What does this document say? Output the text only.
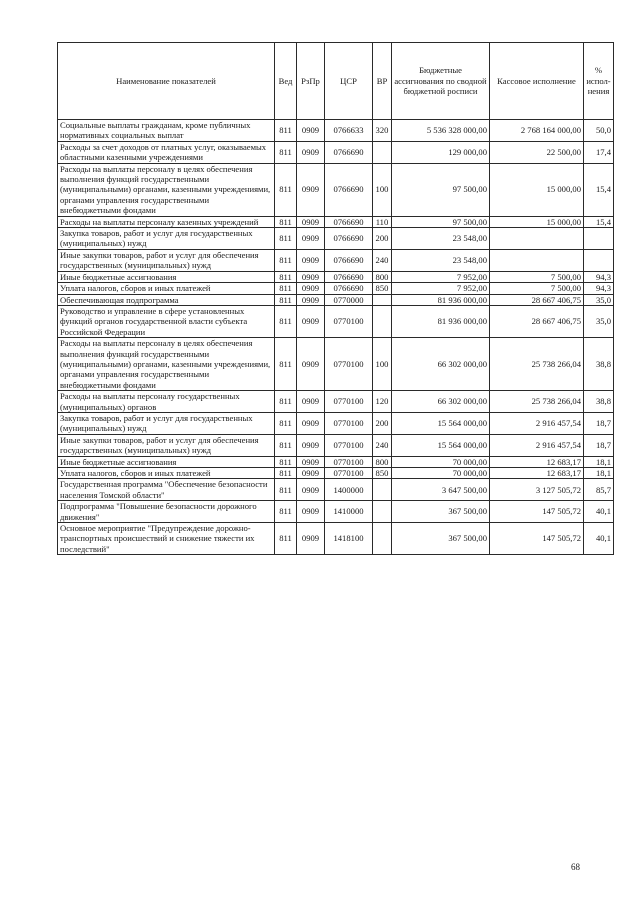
Наименование показателей	Вед	РзПр	ЦСР	ВР	Бюджетные ассигнования по сводной бюджетной росписи	Кассовое исполнение	% испол-нения
Социальные выплаты гражданам, кроме публичных нормативных социальных выплат	811	0909	0766633	320	5 536 328 000,00	2 768 164 000,00	50,0
Расходы за счет доходов от платных услуг, оказываемых областными казенными учреждениями	811	0909	0766690		129 000,00	22 500,00	17,4
Расходы на выплаты персоналу в целях обеспечения выполнения функций государственными (муниципальными) органами, казенными учреждениями, органами управления государственными внебюджетными фондами	811	0909	0766690	100	97 500,00	15 000,00	15,4
Расходы на выплаты персоналу казенных учреждений	811	0909	0766690	110	97 500,00	15 000,00	15,4
Закупка товаров, работ и услуг для государственных (муниципальных) нужд	811	0909	0766690	200	23 548,00		
Иные закупки товаров, работ и услуг для обеспечения государственных (муниципальных) нужд	811	0909	0766690	240	23 548,00		
Иные бюджетные ассигнования	811	0909	0766690	800	7 952,00	7 500,00	94,3
Уплата налогов, сборов и иных платежей	811	0909	0766690	850	7 952,00	7 500,00	94,3
Обеспечивающая подпрограмма	811	0909	0770000		81 936 000,00	28 667 406,75	35,0
Руководство и управление в сфере установленных функций органов государственной власти субъекта Российской Федерации	811	0909	0770100		81 936 000,00	28 667 406,75	35,0
Расходы на выплаты персоналу в целях обеспечения выполнения функций государственными (муниципальными) органами, казенными учреждениями, органами управления государственными внебюджетными фондами	811	0909	0770100	100	66 302 000,00	25 738 266,04	38,8
Расходы на выплаты персоналу государственных (муниципальных) органов	811	0909	0770100	120	66 302 000,00	25 738 266,04	38,8
Закупка товаров, работ и услуг для государственных (муниципальных) нужд	811	0909	0770100	200	15 564 000,00	2 916 457,54	18,7
Иные закупки товаров, работ и услуг для обеспечения государственных (муниципальных) нужд	811	0909	0770100	240	15 564 000,00	2 916 457,54	18,7
Иные бюджетные ассигнования	811	0909	0770100	800	70 000,00	12 683,17	18,1
Уплата налогов, сборов и иных платежей	811	0909	0770100	850	70 000,00	12 683,17	18,1
Государственная программа "Обеспечение безопасности населения Томской области"	811	0909	1400000		3 647 500,00	3 127 505,72	85,7
Подпрограмма "Повышение безопасности дорожного движения"	811	0909	1410000		367 500,00	147 505,72	40,1
Основное мероприятие "Предупреждение дорожно-транспортных происшествий и снижение тяжести их последствий"	811	0909	1418100		367 500,00	147 505,72	40,1
68
